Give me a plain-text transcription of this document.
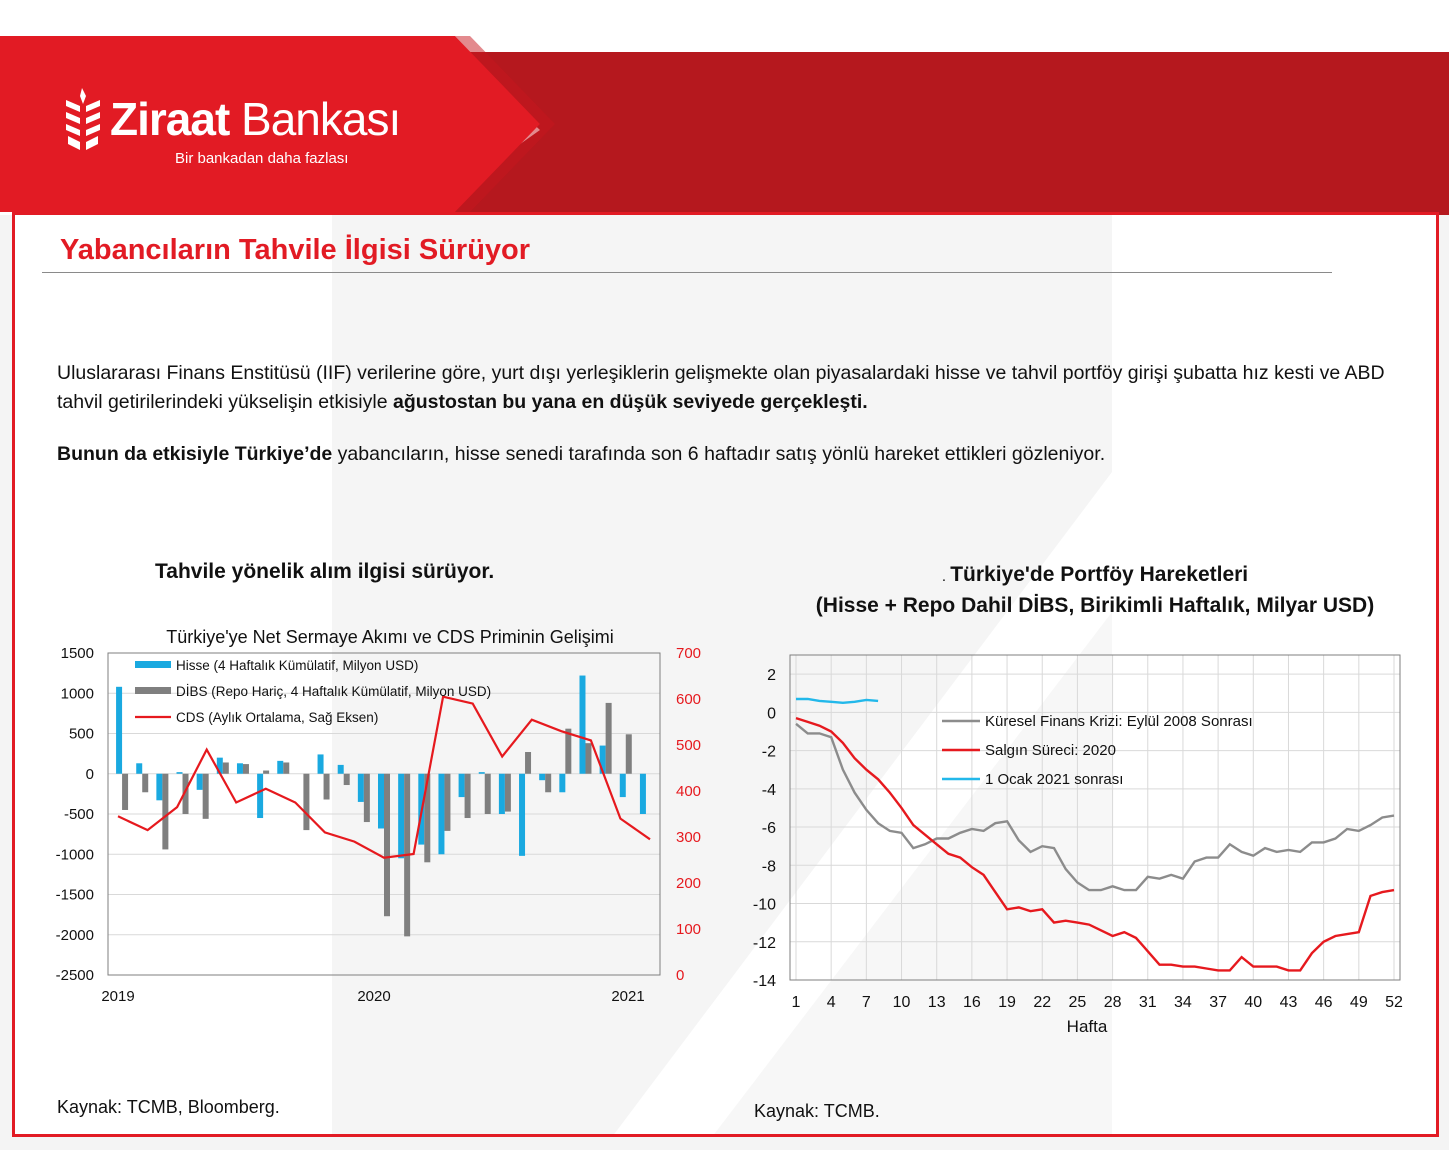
Ziraat Bankası
Bir bankadan daha fazlası
Yabancıların Tahvile İlgisi Sürüyor
Uluslararası Finans Enstitüsü (IIF) verilerine göre, yurt dışı yerleşiklerin gelişmekte olan piyasalardaki hisse ve tahvil portföy girişi şubatta hız kesti ve ABD tahvil getirilerindeki yükselişin etkisiyle ağustostan bu yana en düşük seviyede gerçekleşti.
Bunun da etkisiyle Türkiye’de yabancıların, hisse senedi tarafında son 6 haftadır satış yönlü hareket ettikleri gözleniyor.
Tahvile yönelik alım ilgisi sürüyor.	. Türkiye'de Portföy Hareketleri
(Hisse + Repo Dahil DİBS, Birikimli Haftalık, Milyar USD)
Türkiye'ye Net Sermaye Akımı ve CDS Priminin Gelişimi
1500
1000
500
0
-500
-1000
-1500
-2000
-2500
700
600
500
400
300
200
100
0
2019	2020	2021
Hisse (4 Haftalık Kümülatif, Milyon USD)
DİBS (Repo Hariç, 4 Haftalık Kümülatif, Milyon USD)
CDS (Aylık Ortalama, Sağ Eksen)
2
0
-2
-4
-6
-8
-10
-12
-14
1 4 7 10 13 16 19 22 25 28 31 34 37 40 43 46 49 52
Hafta
Küresel Finans Krizi: Eylül 2008 Sonrası
Salgın Süreci: 2020
1 Ocak 2021 sonrası
Kaynak: TCMB, Bloomberg.	Kaynak: TCMB.
